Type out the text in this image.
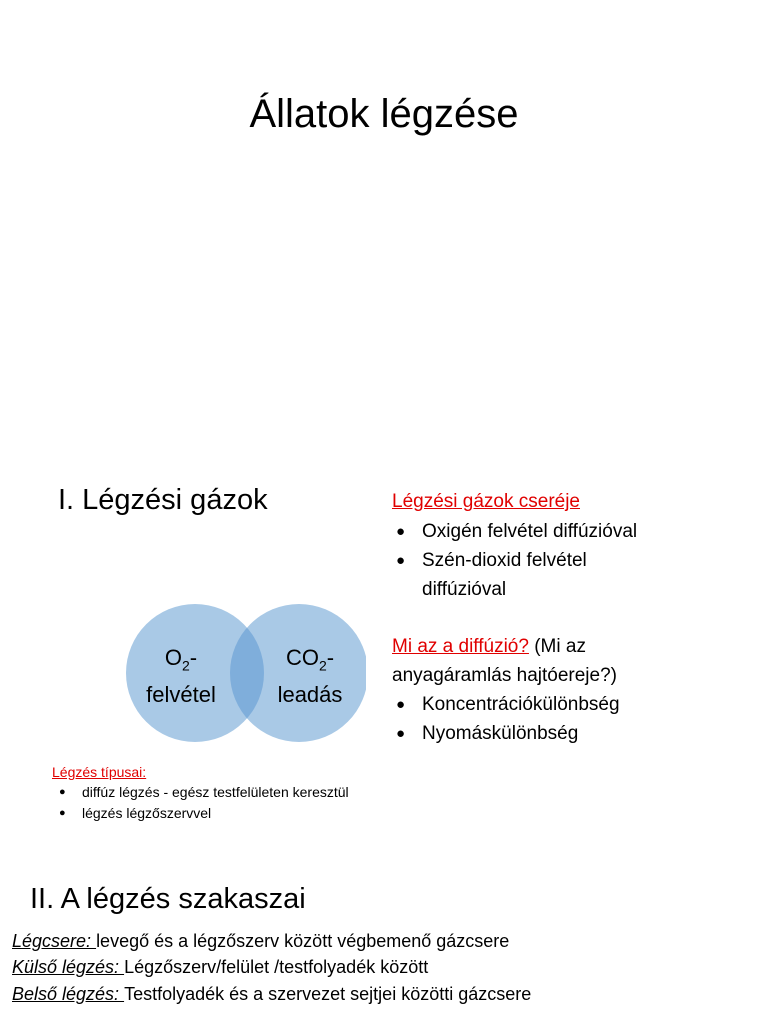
Állatok légzése
I. Légzési gázok	Légzési gázok cseréje
● Oxigén felvétel diffúzióval
● Szén-dioxid felvétel
diffúzióval
Mi az a diffúzió? (Mi az
anyagáramlás hajtóereje?)
● Koncentrációkülönbség
● Nyomáskülönbség
$O_2-$
felvétel
$CO_2-$
leadás
Légzés típusai:
● diffúz légzés - egész testfelületen keresztül
● légzés légzőszervvel
II. A légzés szakaszai
Légcsere: levegő és a légzőszerv között végbemenő gázcsere
Külső légzés: Légzőszerv/felület /testfolyadék között
Belső légzés: Testfolyadék és a szervezet sejtjei közötti gázcsere
